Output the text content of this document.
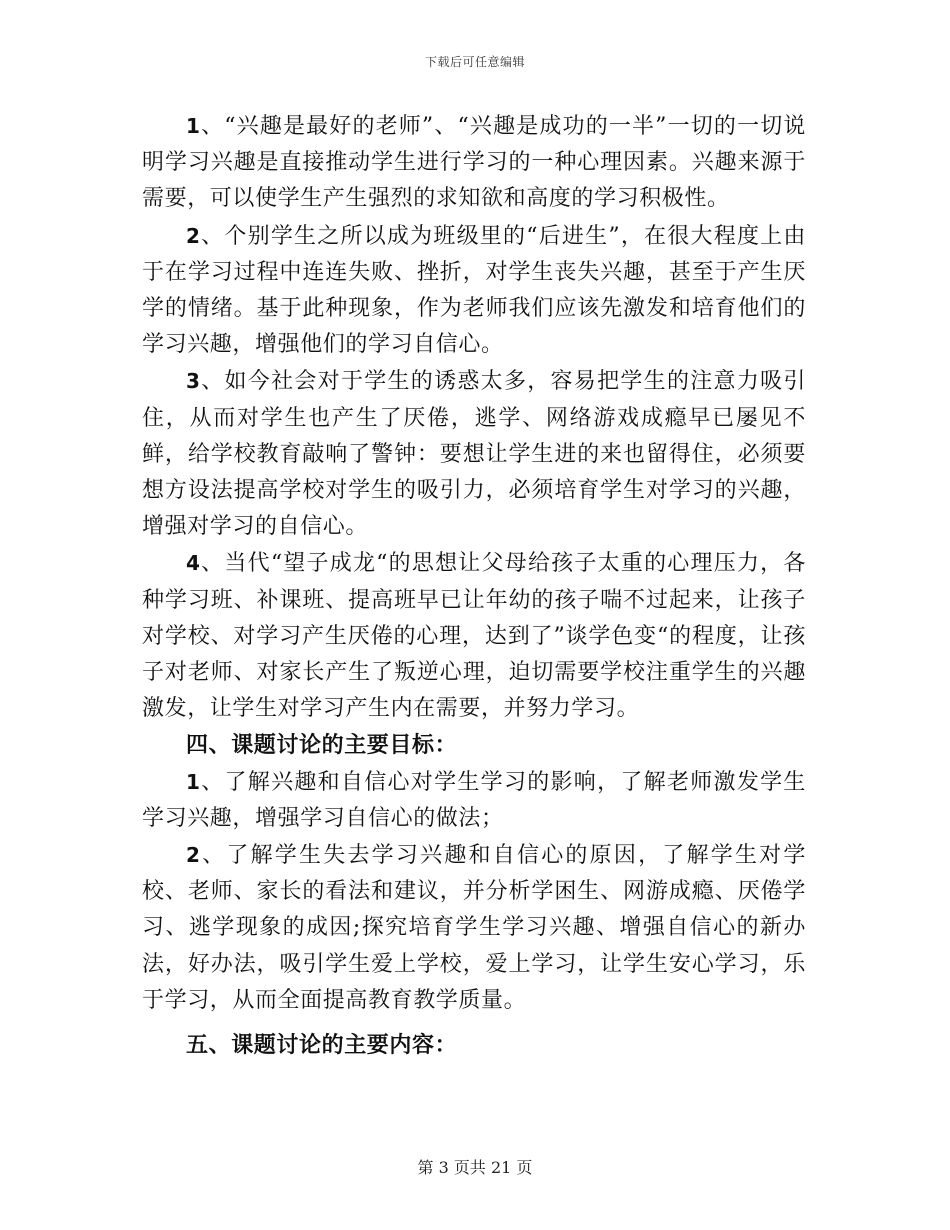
下载后可任意编辑

1、“兴趣是最好的老师”、“兴趣是成功的一半”一切的一切说明学习兴趣是直接推动学生进行学习的一种心理因素。兴趣来源于需要，可以使学生产生强烈的求知欲和高度的学习积极性。

2、个别学生之所以成为班级里的“后进生”，在很大程度上由于在学习过程中连连失败、挫折，对学生丧失兴趣，甚至于产生厌学的情绪。基于此种现象，作为老师我们应该先激发和培育他们的学习兴趣，增强他们的学习自信心。

3、如今社会对于学生的诱惑太多，容易把学生的注意力吸引住，从而对学生也产生了厌倦，逃学、网络游戏成瘾早已屡见不鲜，给学校教育敲响了警钟：要想让学生进的来也留得住，必须要想方设法提高学校对学生的吸引力，必须培育学生对学习的兴趣，增强对学习的自信心。

4、当代“望子成龙“的思想让父母给孩子太重的心理压力，各种学习班、补课班、提高班早已让年幼的孩子喘不过起来，让孩子对学校、对学习产生厌倦的心理，达到了”谈学色变“的程度，让孩子对老师、对家长产生了叛逆心理，迫切需要学校注重学生的兴趣激发，让学生对学习产生内在需要，并努力学习。

四、课题讨论的主要目标：

1、了解兴趣和自信心对学生学习的影响，了解老师激发学生学习兴趣，增强学习自信心的做法；

2、了解学生失去学习兴趣和自信心的原因，了解学生对学校、老师、家长的看法和建议，并分析学困生、网游成瘾、厌倦学习、逃学现象的成因;探究培育学生学习兴趣、增强自信心的新办法，好办法，吸引学生爱上学校，爱上学习，让学生安心学习，乐于学习，从而全面提高教育教学质量。

五、课题讨论的主要内容：

第 3 页共 21 页
